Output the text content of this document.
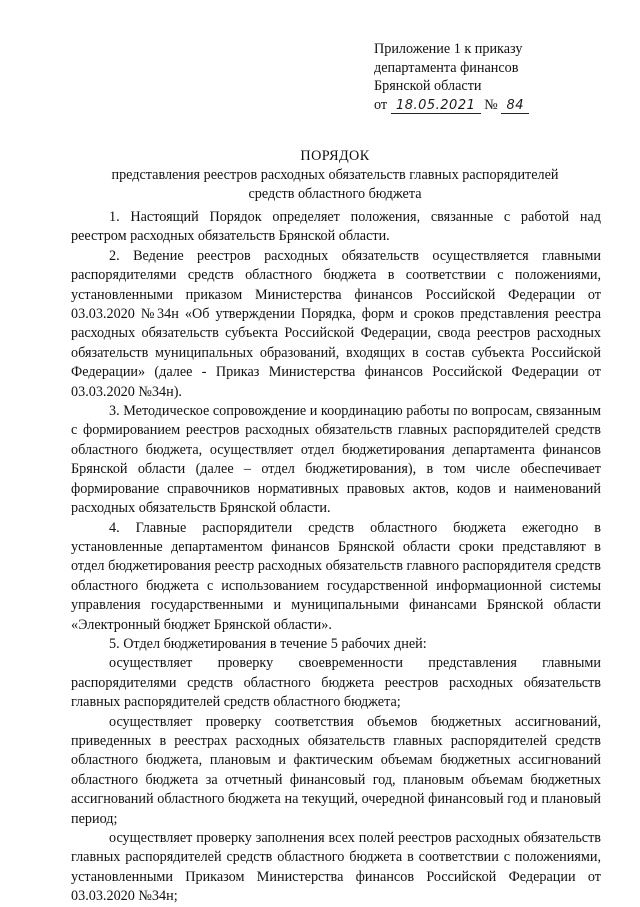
Приложение 1 к приказу
департамента финансов
Брянской области
от 18.05.2021 № 84
ПОРЯДОК
представления реестров расходных обязательств главных распорядителей
средств областного бюджета

1. Настоящий Порядок определяет положения, связанные с работой над реестром расходных обязательств Брянской области.

2. Ведение реестров расходных обязательств осуществляется главными распорядителями средств областного бюджета в соответствии с положениями, установленными приказом Министерства финансов Российской Федерации от 03.03.2020 №34н «Об утверждении Порядка, форм и сроков представления реестра расходных обязательств субъекта Российской Федерации, свода реестров расходных обязательств муниципальных образований, входящих в состав субъекта Российской Федерации» (далее - Приказ Министерства финансов Российской Федерации от 03.03.2020 №34н).

3. Методическое сопровождение и координацию работы по вопросам, связанным с формированием реестров расходных обязательств главных распорядителей средств областного бюджета, осуществляет отдел бюджетирования департамента финансов Брянской области (далее – отдел бюджетирования), в том числе обеспечивает формирование справочников нормативных правовых актов, кодов и наименований расходных обязательств Брянской области.

4. Главные распорядители средств областного бюджета ежегодно в установленные департаментом финансов Брянской области сроки представляют в отдел бюджетирования реестр расходных обязательств главного распорядителя средств областного бюджета с использованием государственной информационной системы управления государственными и муниципальными финансами Брянской области «Электронный бюджет Брянской области».

5. Отдел бюджетирования в течение 5 рабочих дней:

осуществляет проверку своевременности представления главными распорядителями средств областного бюджета реестров расходных обязательств главных распорядителей средств областного бюджета;

осуществляет проверку соответствия объемов бюджетных ассигнований, приведенных в реестрах расходных обязательств главных распорядителей средств областного бюджета, плановым и фактическим объемам бюджетных ассигнований областного бюджета за отчетный финансовый год, плановым объемам бюджетных ассигнований областного бюджета на текущий, очередной финансовый год и плановый период;

осуществляет проверку заполнения всех полей реестров расходных обязательств главных распорядителей средств областного бюджета в соответствии с положениями, установленными Приказом Министерства финансов Российской Федерации от 03.03.2020 №34н;
